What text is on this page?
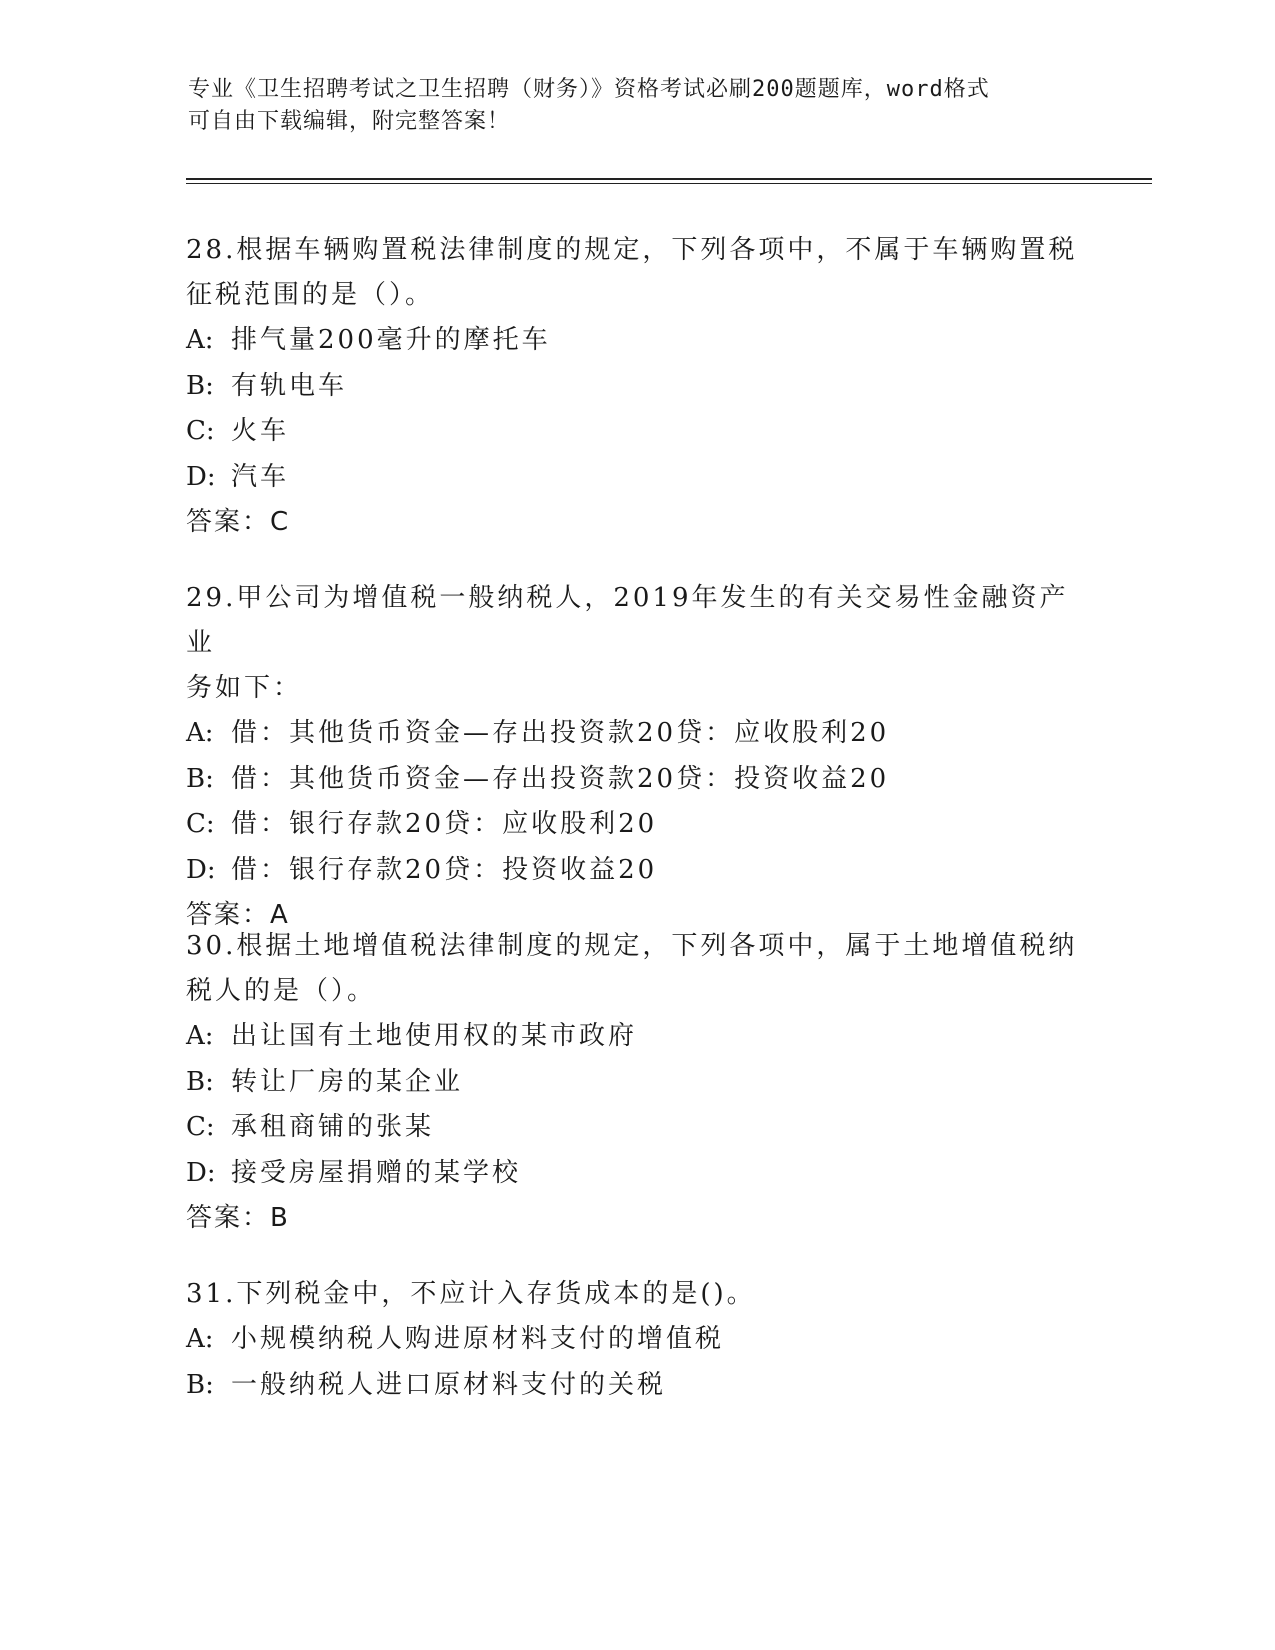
专业《卫生招聘考试之卫生招聘（财务）》资格考试必刷200题题库，word格式
可自由下载编辑，附完整答案！
28.根据车辆购置税法律制度的规定，下列各项中，不属于车辆购置税
征税范围的是（）。
A: 排气量200毫升的摩托车
B: 有轨电车
C: 火车
D: 汽车
答案：C
29.甲公司为增值税一般纳税人，2019年发生的有关交易性金融资产业
务如下：
A: 借：其他货币资金—存出投资款20贷：应收股利20
B: 借：其他货币资金—存出投资款20贷：投资收益20
C: 借：银行存款20贷：应收股利20
D: 借：银行存款20贷：投资收益20
答案：A
30.根据土地增值税法律制度的规定，下列各项中，属于土地增值税纳
税人的是（）。
A: 出让国有土地使用权的某市政府
B: 转让厂房的某企业
C: 承租商铺的张某
D: 接受房屋捐赠的某学校
答案：B
31.下列税金中，不应计入存货成本的是()。
A: 小规模纳税人购进原材料支付的增值税
B: 一般纳税人进口原材料支付的关税
